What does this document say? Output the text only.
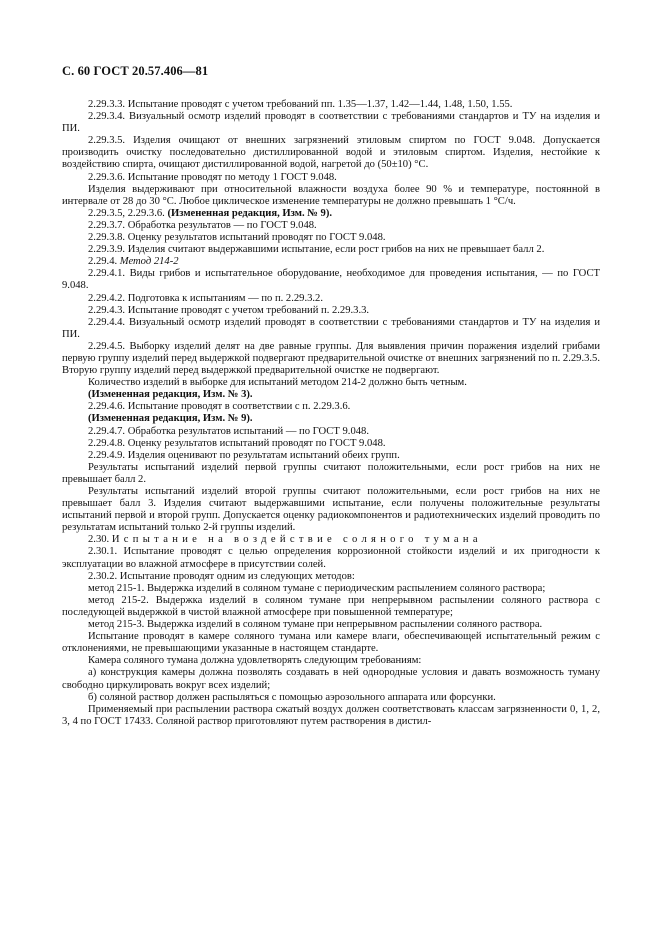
С. 60 ГОСТ 20.57.406—81

2.29.3.3. Испытание проводят с учетом требований пп. 1.35—1.37, 1.42—1.44, 1.48, 1.50, 1.55.

2.29.3.4. Визуальный осмотр изделий проводят в соответствии с требованиями стандартов и ТУ на изделия и ПИ.

2.29.3.5. Изделия очищают от внешних загрязнений этиловым спиртом по ГОСТ 9.048. Допускается производить очистку последовательно дистиллированной водой и этиловым спиртом. Изделия, нестойкие к воздействию спирта, очищают дистиллированной водой, нагретой до (50±10) °С.

2.29.3.6. Испытание проводят по методу 1 ГОСТ 9.048.

Изделия выдерживают при относительной влажности воздуха более 90 % и температуре, постоянной в интервале от 28 до 30 °С. Любое циклическое изменение температуры не должно превышать 1 °С/ч.

2.29.3.5, 2.29.3.6. (Измененная редакция, Изм. № 9).

2.29.3.7. Обработка результатов — по ГОСТ 9.048.

2.29.3.8. Оценку результатов испытаний проводят по ГОСТ 9.048.

2.29.3.9. Изделия считают выдержавшими испытание, если рост грибов на них не превышает балл 2.

2.29.4. Метод 214-2

2.29.4.1. Виды грибов и испытательное оборудование, необходимое для проведения испытания, — по ГОСТ 9.048.

2.29.4.2. Подготовка к испытаниям — по п. 2.29.3.2.

2.29.4.3. Испытание проводят с учетом требований п. 2.29.3.3.

2.29.4.4. Визуальный осмотр изделий проводят в соответствии с требованиями стандартов и ТУ на изделия и ПИ.

2.29.4.5. Выборку изделий делят на две равные группы. Для выявления причин поражения изделий грибами первую группу изделий перед выдержкой подвергают предварительной очистке от внешних загрязнений по п. 2.29.3.5. Вторую группу изделий перед выдержкой предварительной очистке не подвергают.

Количество изделий в выборке для испытаний методом 214-2 должно быть четным.

(Измененная редакция, Изм. № 3).

2.29.4.6. Испытание проводят в соответствии с п. 2.29.3.6.

(Измененная редакция, Изм. № 9).

2.29.4.7. Обработка результатов испытаний — по ГОСТ 9.048.

2.29.4.8. Оценку результатов испытаний проводят по ГОСТ 9.048.

2.29.4.9. Изделия оценивают по результатам испытаний обеих групп.

Результаты испытаний изделий первой группы считают положительными, если рост грибов на них не превышает балл 2.

Результаты испытаний изделий второй группы считают положительными, если рост грибов на них не превышает балл 3. Изделия считают выдержавшими испытание, если получены положительные результаты испытаний первой и второй групп. Допускается оценку радиокомпонентов и радиотехнических изделий проводить по результатам испытаний только 2-й группы изделий.

2.30. Испытание на воздействие соляного тумана

2.30.1. Испытание проводят с целью определения коррозионной стойкости изделий и их пригодности к эксплуатации во влажной атмосфере в присутствии солей.

2.30.2. Испытание проводят одним из следующих методов:

метод 215-1. Выдержка изделий в соляном тумане с периодическим распылением соляного раствора;

метод 215-2. Выдержка изделий в соляном тумане при непрерывном распылении соляного раствора с последующей выдержкой в чистой влажной атмосфере при повышенной температуре;

метод 215-3. Выдержка изделий в соляном тумане при непрерывном распылении соляного раствора.

Испытание проводят в камере соляного тумана или камере влаги, обеспечивающей испытательный режим с отклонениями, не превышающими указанные в настоящем стандарте.

Камера соляного тумана должна удовлетворять следующим требованиям:

а) конструкция камеры должна позволять создавать в ней однородные условия и давать возможность туману свободно циркулировать вокруг всех изделий;

б) соляной раствор должен распыляться с помощью аэрозольного аппарата или форсунки.

Применяемый при распылении раствора сжатый воздух должен соответствовать классам загрязненности 0, 1, 2, 3, 4 по ГОСТ 17433. Соляной раствор приготовляют путем растворения в дистил-
